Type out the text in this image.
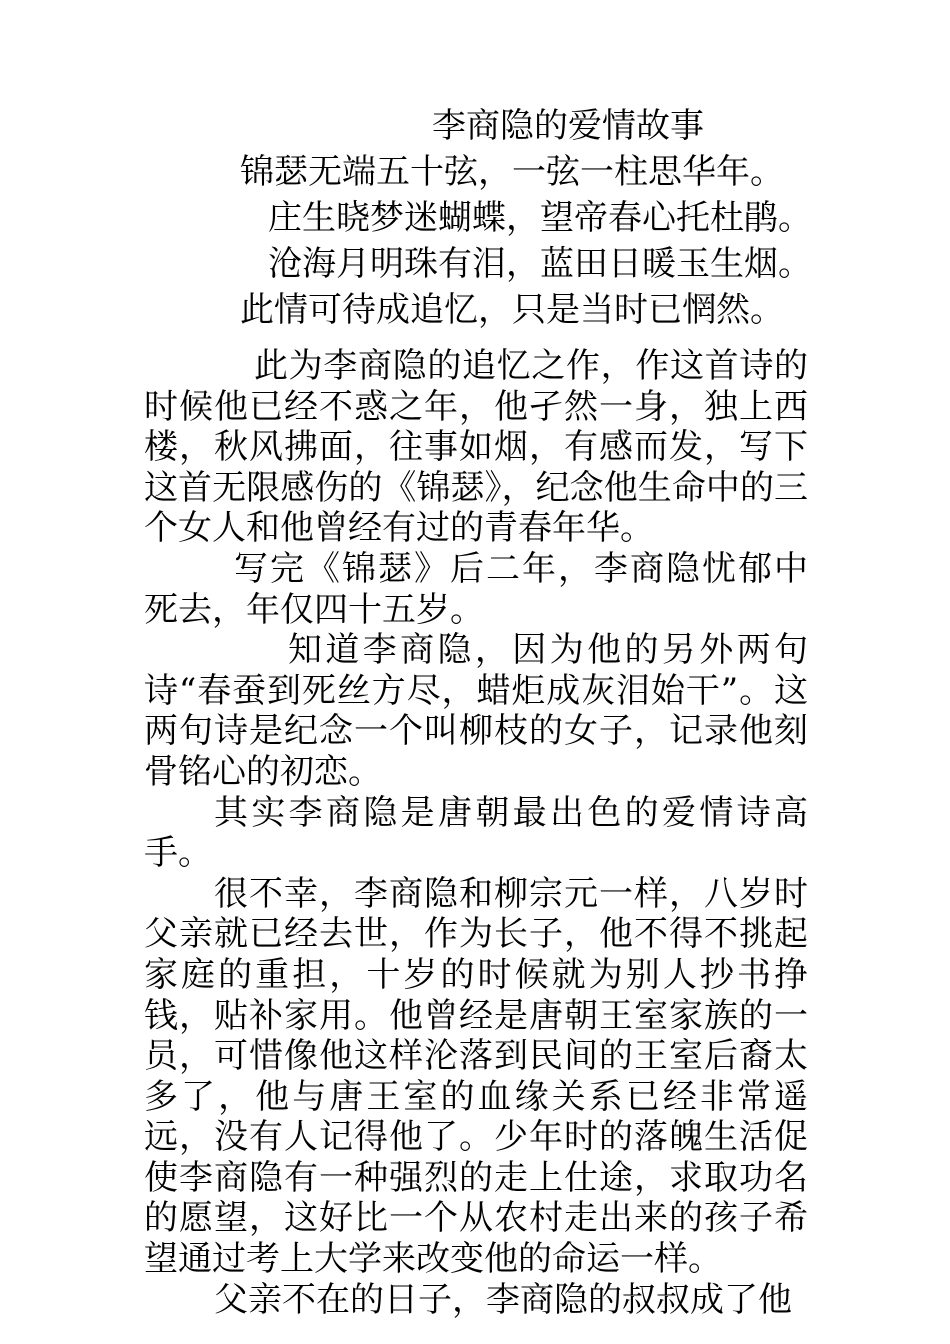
李商隐的爱情故事
锦瑟无端五十弦，一弦一柱思华年。
庄生晓梦迷蝴蝶，望帝春心托杜鹃。
沧海月明珠有泪，蓝田日暖玉生烟。
此情可待成追忆，只是当时已惘然。

此为李商隐的追忆之作，作这首诗的时候他已经不惑之年，他孑然一身，独上西楼，秋风拂面，往事如烟，有感而发，写下这首无限感伤的《锦瑟》，纪念他生命中的三个女人和他曾经有过的青春年华。

写完《锦瑟》后二年，李商隐忧郁中死去，年仅四十五岁。

知道李商隐，因为他的另外两句诗“春蚕到死丝方尽，蜡炬成灰泪始干”。这两句诗是纪念一个叫柳枝的女子，记录他刻骨铭心的初恋。

其实李商隐是唐朝最出色的爱情诗高手。

很不幸，李商隐和柳宗元一样，八岁时父亲就已经去世，作为长子，他不得不挑起家庭的重担，十岁的时候就为别人抄书挣钱，贴补家用。他曾经是唐朝王室家族的一员，可惜像他这样沦落到民间的王室后裔太多了，他与唐王室的血缘关系已经非常遥远，没有人记得他了。少年时的落魄生活促使李商隐有一种强烈的走上仕途，求取功名的愿望，这好比一个从农村走出来的孩子希望通过考上大学来改变他的命运一样。

父亲不在的日子，李商隐的叔叔成了他
